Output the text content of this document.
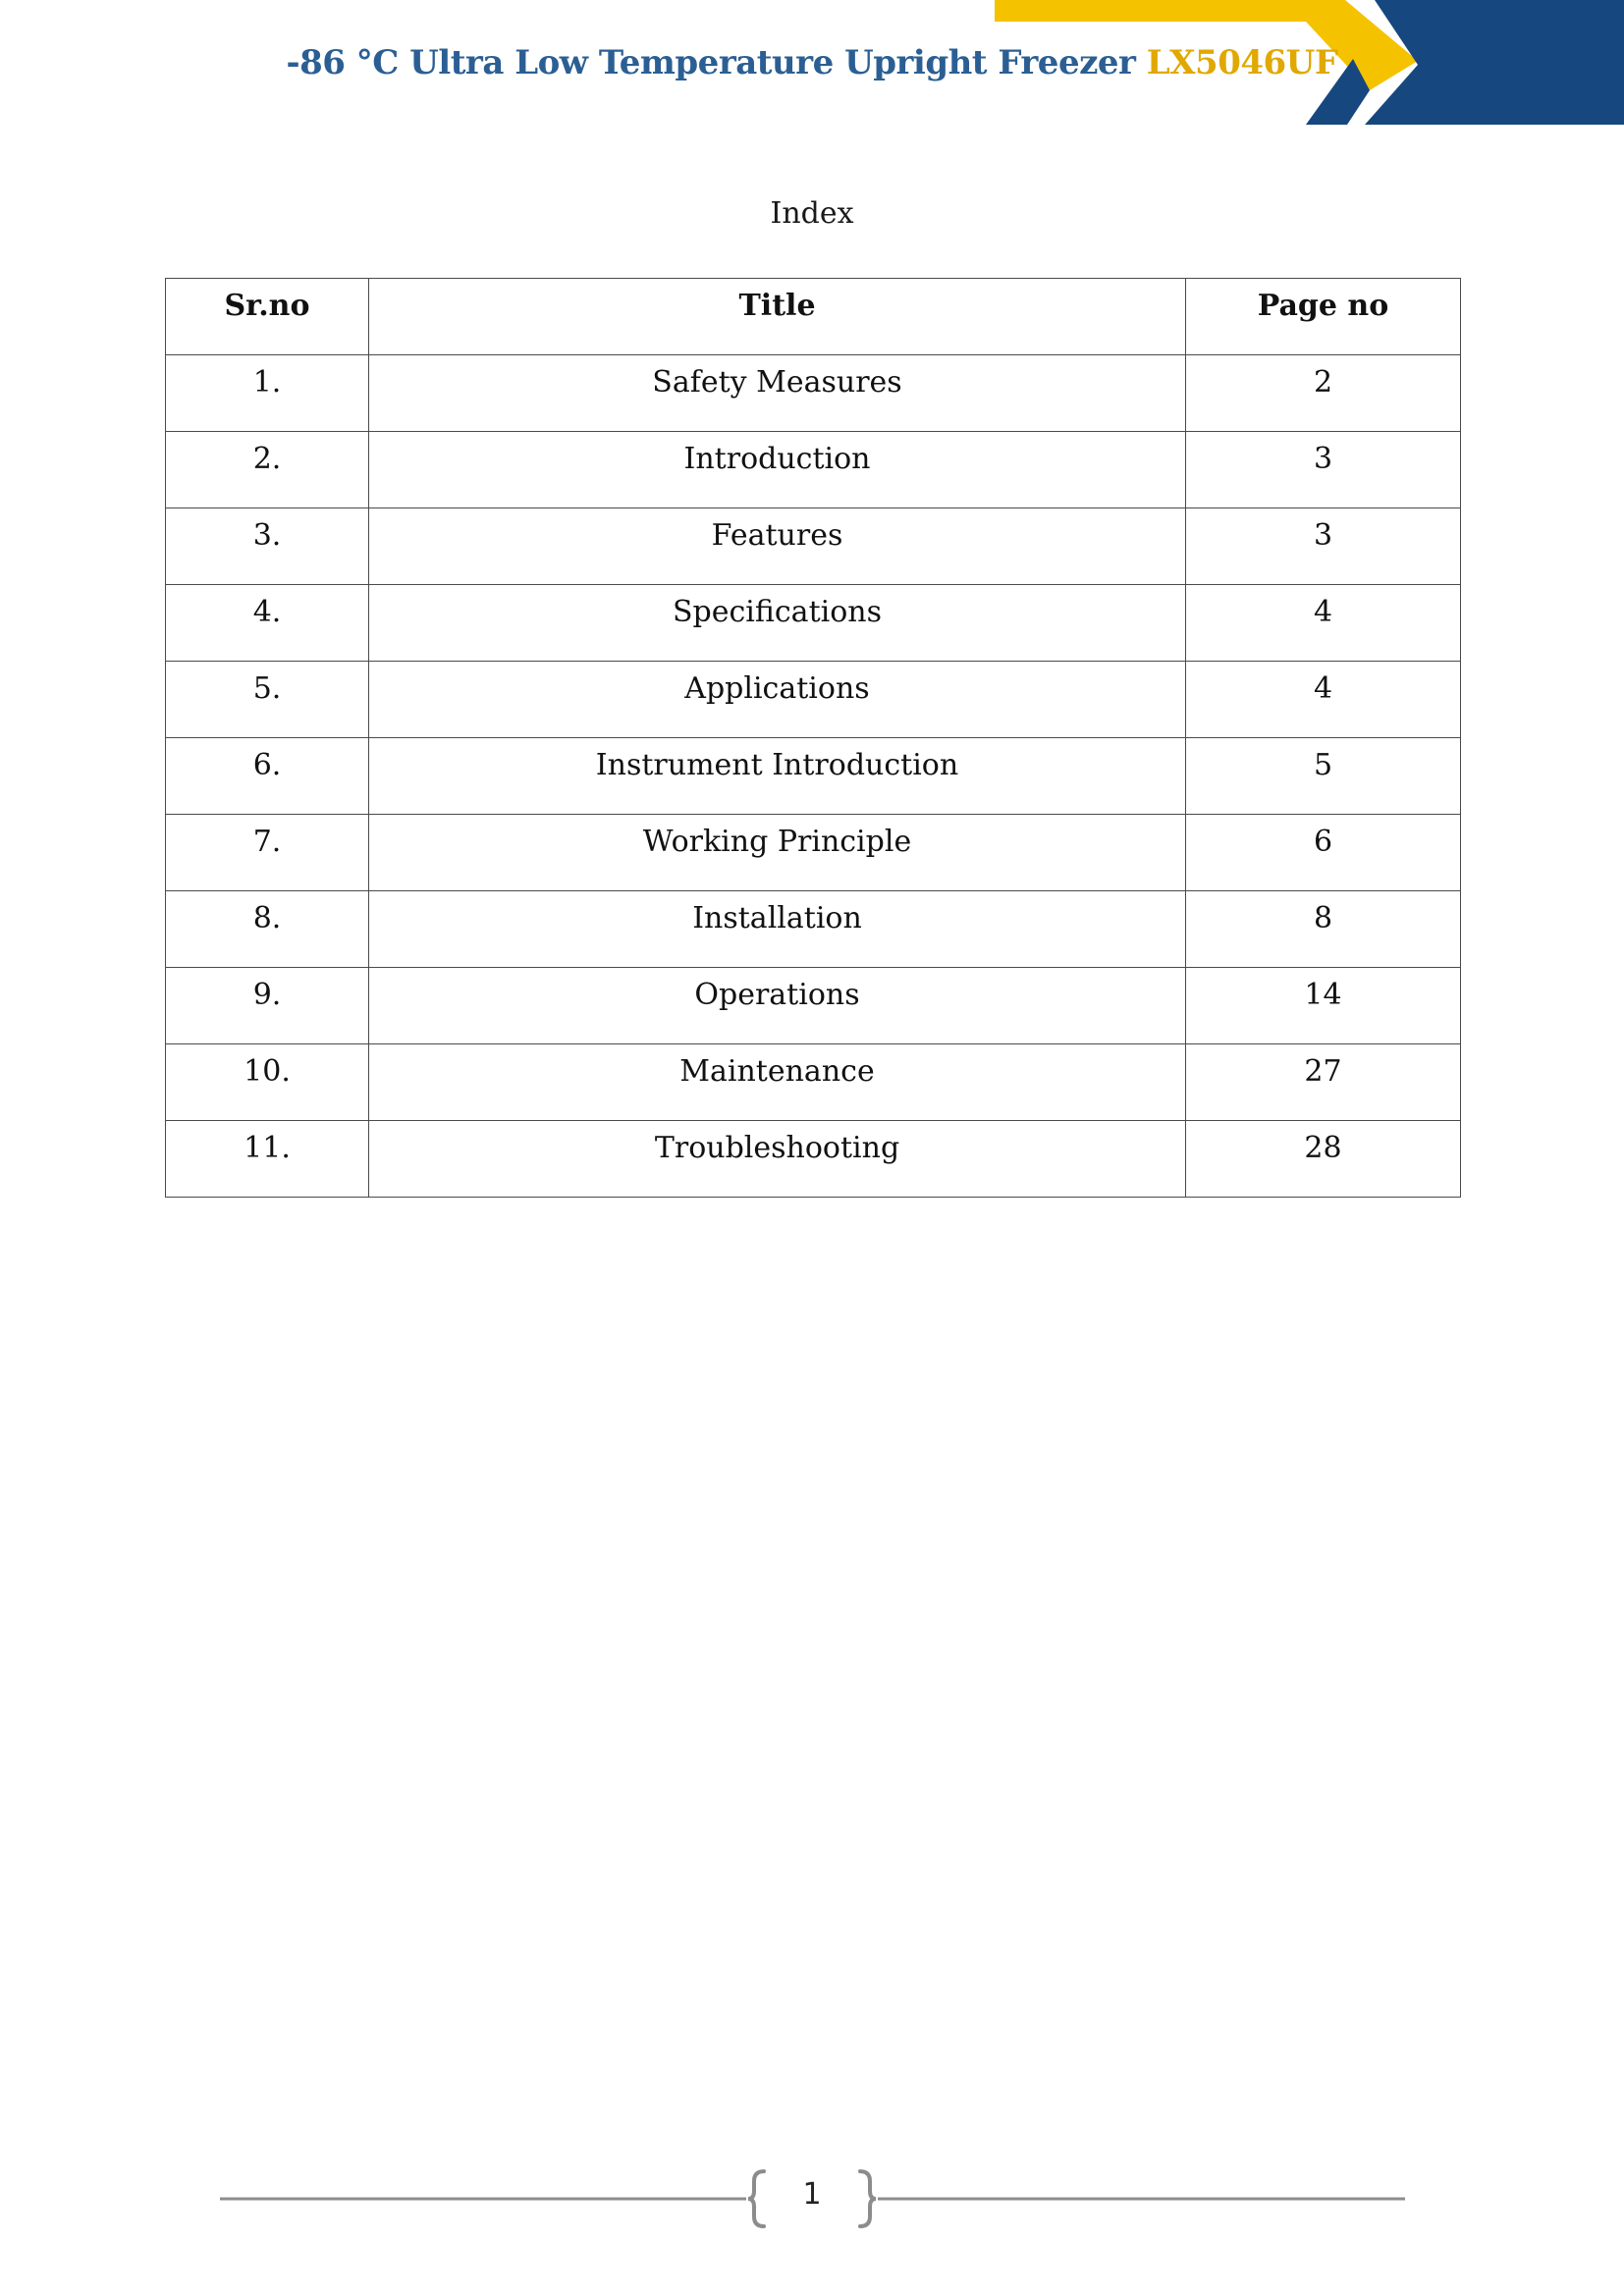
-86 °C Ultra Low Temperature Upright Freezer LX5046UF
Index
Sr.no	Title	Page no
1.	Safety Measures	2
2.	Introduction	3
3.	Features	3
4.	Specifications	4
5.	Applications	4
6.	Instrument Introduction	5
7.	Working Principle	6
8.	Installation	8
9.	Operations	14
10.	Maintenance	27
11.	Troubleshooting	28
1
